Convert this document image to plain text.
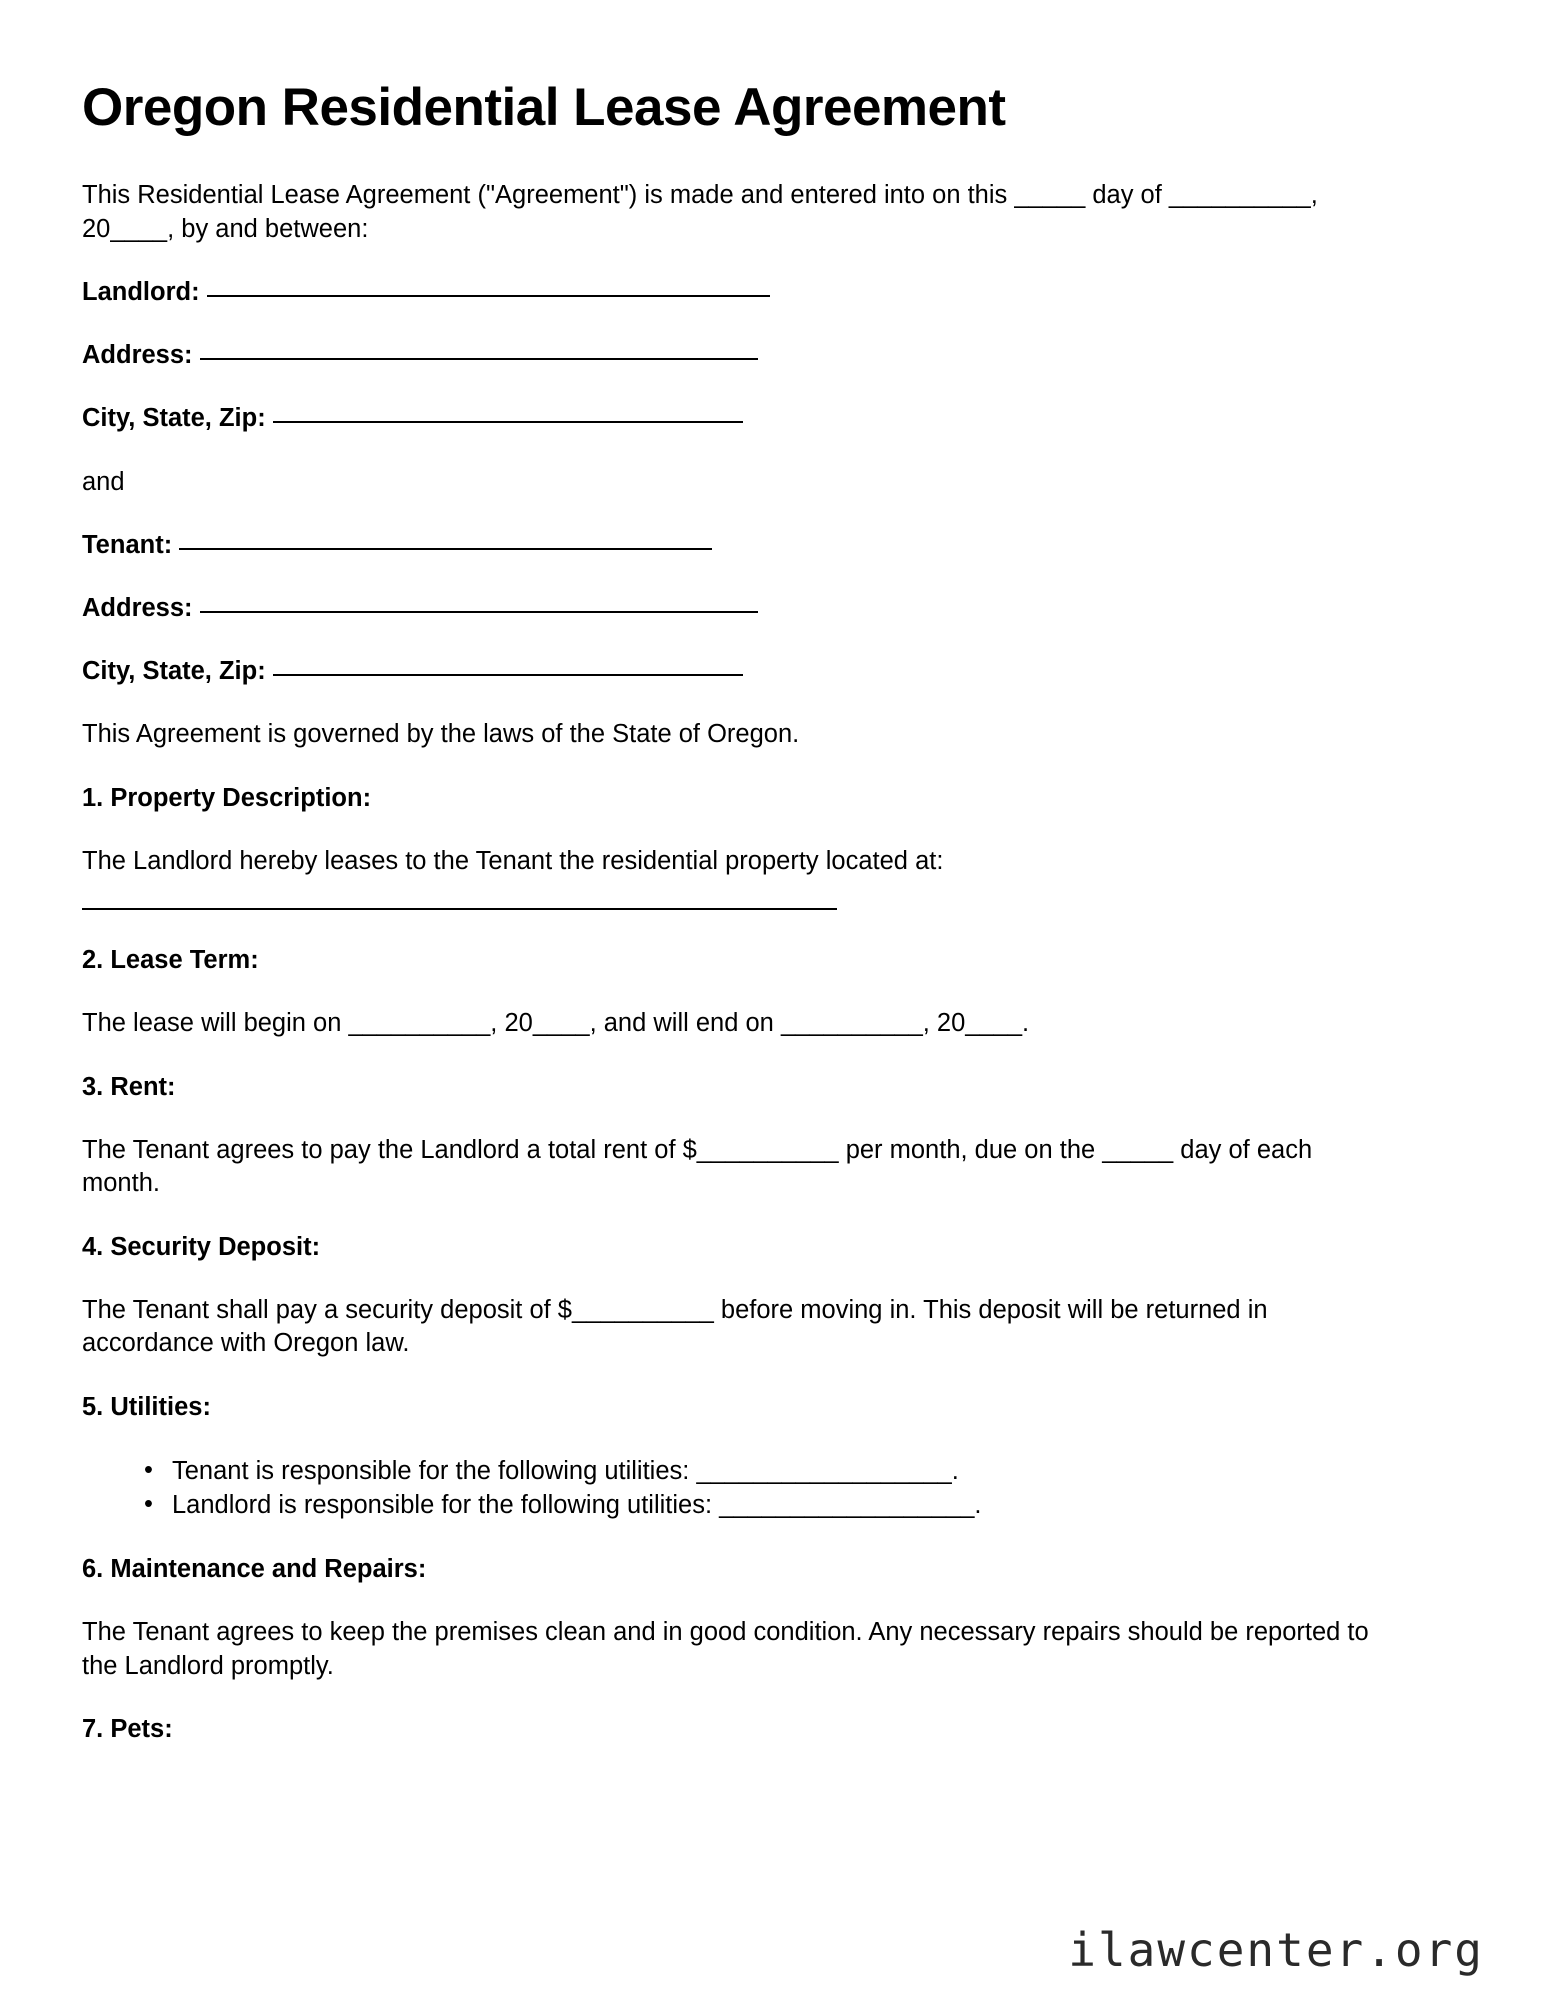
Oregon Residential Lease Agreement

This Residential Lease Agreement ("Agreement") is made and entered into on this _____ day of __________, 20____, by and between:

Landlord:
Address:
City, State, Zip:
and
Tenant:
Address:
City, State, Zip:

This Agreement is governed by the laws of the State of Oregon.

1. Property Description:

The Landlord hereby leases to the Tenant the residential property located at:

2. Lease Term:

The lease will begin on __________, 20____, and will end on __________, 20____.

3. Rent:

The Tenant agrees to pay the Landlord a total rent of $__________ per month, due on the _____ day of each month.

4. Security Deposit:

The Tenant shall pay a security deposit of $__________ before moving in. This deposit will be returned in accordance with Oregon law.

5. Utilities:
• Tenant is responsible for the following utilities: __________________.
• Landlord is responsible for the following utilities: __________________.
6. Maintenance and Repairs:

The Tenant agrees to keep the premises clean and in good condition. Any necessary repairs should be reported to the Landlord promptly.

7. Pets:
ilawcenter.org
